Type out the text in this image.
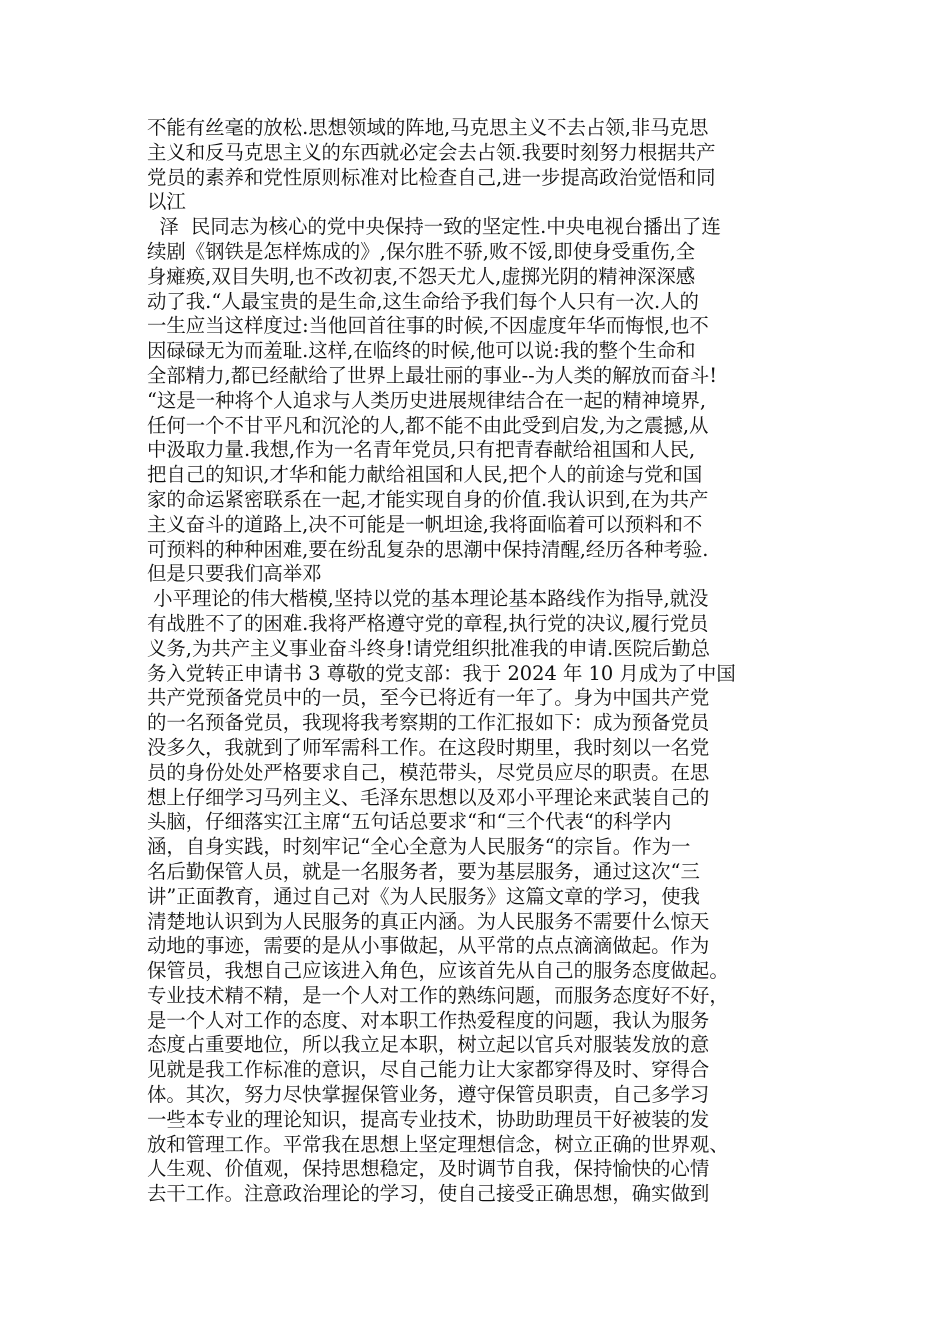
不能有丝毫的放松.思想领域的阵地,马克思主义不去占领,非马克思
主义和反马克思主义的东西就必定会去占领.我要时刻努力根据共产
党员的素养和党性原则标准对比检查自己,进一步提高政治觉悟和同
以江
泽  民同志为核心的党中央保持一致的坚定性.中央电视台播出了连
续剧《钢铁是怎样炼成的》,保尔胜不骄,败不馁,即使身受重伤,全
身瘫痪,双目失明,也不改初衷,不怨天尤人,虚掷光阴的精神深深感
动了我.“人最宝贵的是生命,这生命给予我们每个人只有一次.人的
一生应当这样度过:当他回首往事的时候,不因虚度年华而悔恨,也不
因碌碌无为而羞耻.这样,在临终的时候,他可以说:我的整个生命和
全部精力,都已经献给了世界上最壮丽的事业--为人类的解放而奋斗!
“这是一种将个人追求与人类历史进展规律结合在一起的精神境界,
任何一个不甘平凡和沉沦的人,都不能不由此受到启发,为之震撼,从
中汲取力量.我想,作为一名青年党员,只有把青春献给祖国和人民,
把自己的知识,才华和能力献给祖国和人民,把个人的前途与党和国
家的命运紧密联系在一起,才能实现自身的价值.我认识到,在为共产
主义奋斗的道路上,决不可能是一帆坦途,我将面临着可以预料和不
可预料的种种困难,要在纷乱复杂的思潮中保持清醒,经历各种考验.
但是只要我们高举邓
小平理论的伟大楷模,坚持以党的基本理论基本路线作为指导,就没
有战胜不了的困难.我将严格遵守党的章程,执行党的决议,履行党员
义务,为共产主义事业奋斗终身!请党组织批准我的申请.医院后勤总
务入党转正申请书 3 尊敬的党支部：我于 2024 年 10 月成为了中国
共产党预备党员中的一员，至今已将近有一年了。身为中国共产党
的一名预备党员，我现将我考察期的工作汇报如下：成为预备党员
没多久，我就到了师军需科工作。在这段时期里，我时刻以一名党
员的身份处处严格要求自己，模范带头，尽党员应尽的职责。在思
想上仔细学习马列主义、毛泽东思想以及邓小平理论来武装自己的
头脑，仔细落实江主席“五句话总要求“和“三个代表“的科学内
涵，自身实践，时刻牢记“全心全意为人民服务“的宗旨。作为一
名后勤保管人员，就是一名服务者，要为基层服务，通过这次“三
讲”正面教育，通过自己对《为人民服务》这篇文章的学习，使我
清楚地认识到为人民服务的真正内涵。为人民服务不需要什么惊天
动地的事迹，需要的是从小事做起，从平常的点点滴滴做起。作为
保管员，我想自己应该进入角色，应该首先从自己的服务态度做起。
专业技术精不精，是一个人对工作的熟练问题，而服务态度好不好，
是一个人对工作的态度、对本职工作热爱程度的问题，我认为服务
态度占重要地位，所以我立足本职，树立起以官兵对服装发放的意
见就是我工作标准的意识，尽自己能力让大家都穿得及时、穿得合
体。其次，努力尽快掌握保管业务，遵守保管员职责，自己多学习
一些本专业的理论知识，提高专业技术，协助助理员干好被装的发
放和管理工作。平常我在思想上坚定理想信念，树立正确的世界观、
人生观、价值观，保持思想稳定，及时调节自我，保持愉快的心情
去干工作。注意政治理论的学习，使自己接受正确思想，确实做到
